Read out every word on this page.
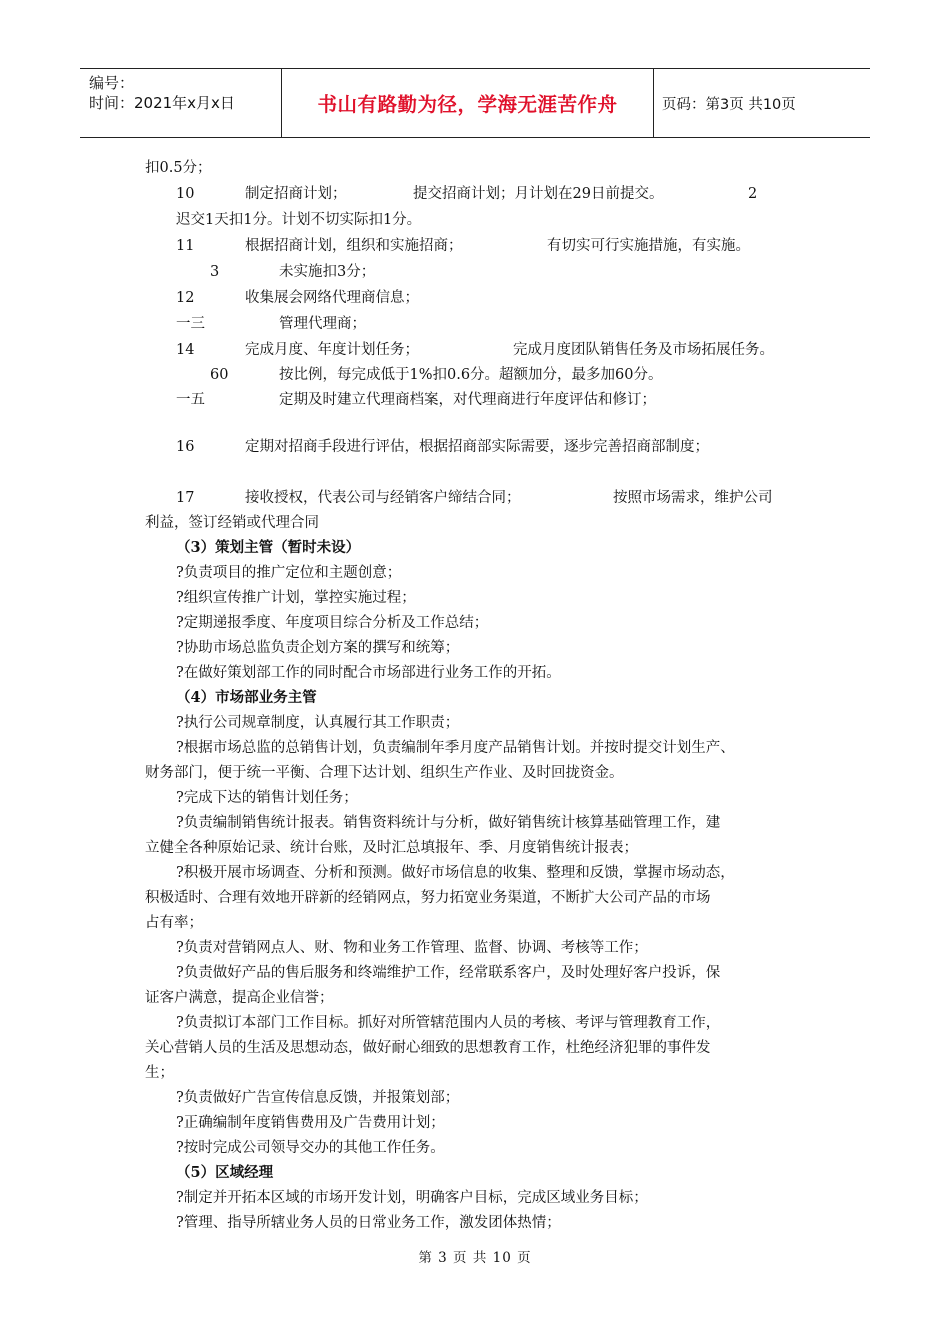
编号：
时间：2021年x月x日	书山有路勤为径，学海无涯苦作舟	页码：第3页 共10页
扣0.5分；
10	制定招商计划；	提交招商计划；月计划在29日前提交。	2
迟交1天扣1分。计划不切实际扣1分。
11	根据招商计划，组织和实施招商；	有切实可行实施措施，有实施。
3	未实施扣3分；
12	收集展会网络代理商信息；
一三	管理代理商；
14	完成月度、年度计划任务；	完成月度团队销售任务及市场拓展任务。
60	按比例，每完成低于1%扣0.6分。超额加分，最多加60分。
一五	定期及时建立代理商档案，对代理商进行年度评估和修订；
16	定期对招商手段进行评估，根据招商部实际需要，逐步完善招商部制度；
17	接收授权，代表公司与经销客户缔结合同；	按照市场需求，维护公司
利益，签订经销或代理合同
（3）策划主管（暂时未设）
?负责项目的推广定位和主题创意；
?组织宣传推广计划，掌控实施过程；
?定期递报季度、年度项目综合分析及工作总结；
?协助市场总监负责企划方案的撰写和统筹；
?在做好策划部工作的同时配合市场部进行业务工作的开拓。
（4）市场部业务主管
?执行公司规章制度，认真履行其工作职责；
?根据市场总监的总销售计划，负责编制年季月度产品销售计划。并按时提交计划生产、
财务部门，便于统一平衡、合理下达计划、组织生产作业、及时回拢资金。
?完成下达的销售计划任务；
?负责编制销售统计报表。销售资料统计与分析，做好销售统计核算基础管理工作，建
立健全各种原始记录、统计台账，及时汇总填报年、季、月度销售统计报表；
?积极开展市场调查、分析和预测。做好市场信息的收集、整理和反馈，掌握市场动态，
积极适时、合理有效地开辟新的经销网点，努力拓宽业务渠道，不断扩大公司产品的市场
占有率；
?负责对营销网点人、财、物和业务工作管理、监督、协调、考核等工作；
?负责做好产品的售后服务和终端维护工作，经常联系客户，及时处理好客户投诉，保
证客户满意，提高企业信誉；
?负责拟订本部门工作目标。抓好对所管辖范围内人员的考核、考评与管理教育工作，
关心营销人员的生活及思想动态，做好耐心细致的思想教育工作，杜绝经济犯罪的事件发
生；
?负责做好广告宣传信息反馈，并报策划部；
?正确编制年度销售费用及广告费用计划；
?按时完成公司领导交办的其他工作任务。
（5）区域经理
?制定并开拓本区域的市场开发计划，明确客户目标，完成区域业务目标；
?管理、指导所辖业务人员的日常业务工作，激发团体热情；
第 3 页 共 10 页
